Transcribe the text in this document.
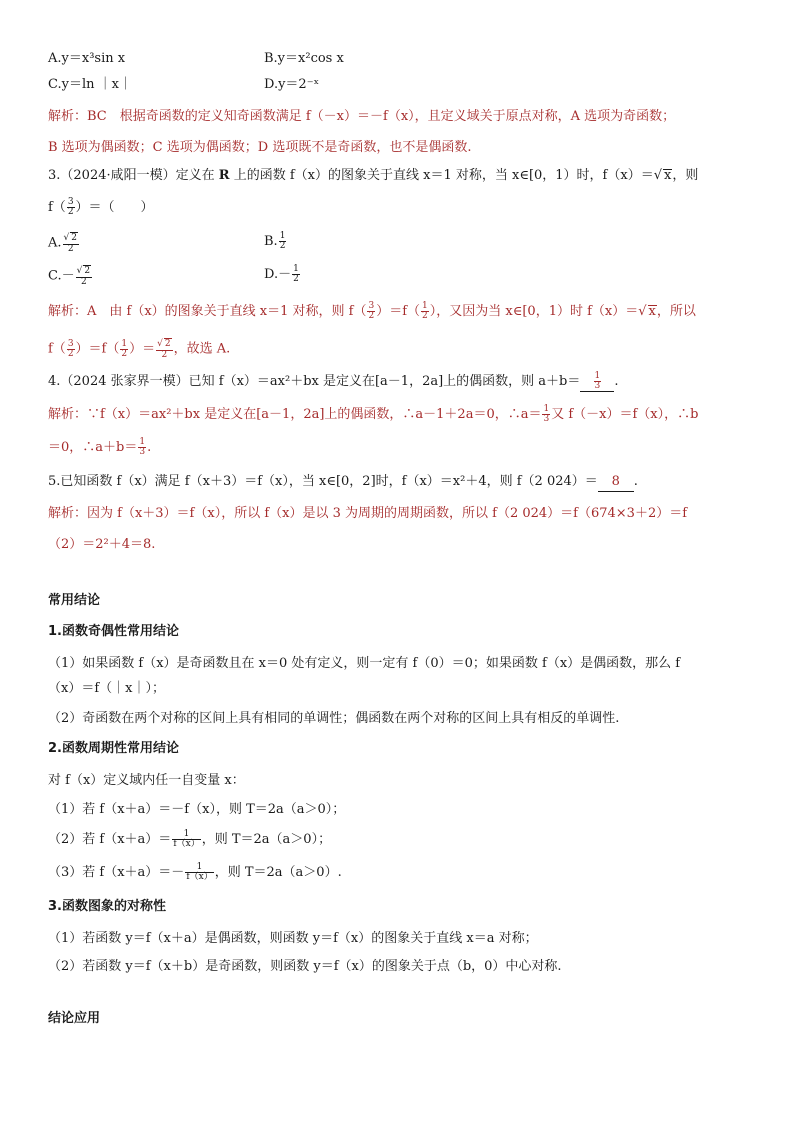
A.y＝x³sin x	B.y＝x²cos x
C.y＝ln ｜x｜	D.y＝2⁻ˣ
解析：BC　根据奇函数的定义知奇函数满足 f（－x）＝－f（x），且定义域关于原点对称，A 选项为奇函数；
B 选项为偶函数；C 选项为偶函数；D 选项既不是奇函数，也不是偶函数.
3.（2024·咸阳一模）定义在 R 上的函数 f（x）的图象关于直线 x＝1 对称，当 x∈[0，1）时，f（x）＝√ x，则
$f( \frac{3}{2}$ ）＝（　　）
A. $\frac{√ 2}{2}$	B. $\frac{1}{2}$
$C.- \frac{√ 2}{2}$	$D.- \frac{1}{2}$
解析：A　由 f（x）的图象关于直线 x＝1 对称，则 $f( \frac{3}{2} )=f( \frac{1}{2}$ ），又因为当 x∈[0，1）时 f（x）＝√ x，所以
$f( \frac{3}{2} )=f( \frac{1}{2}$ ）＝ $\frac{√ 2}{2}$ ，故选 A.
4.（2024 张家界一模）已知 f（x）＝ax²＋bx 是定义在[a－1，2a]上的偶函数，则 $a+b= \frac{1}{3}$ .
解析：∵f（x）＝ax²＋bx 是定义在[a－1，2a]上的偶函数，∴a－1＋2a＝0，∴a＝ $\frac{1}{3}$ 又 f（－x）＝f（x），∴b
＝0，∴a＋b＝ $\frac{1}{3}$ .
5.已知函数 f（x）满足 f（x＋3）＝f（x），当 x∈[0，2]时，f（x）＝x²＋4，则 f（2 024）＝ 8 .
解析：因为 f（x＋3）＝f（x），所以 f（x）是以 3 为周期的周期函数，所以 f（2 024）＝f（674×3＋2）＝f
（2）＝2²＋4＝8.
常用结论
1.函数奇偶性常用结论
（1）如果函数 f（x）是奇函数且在 x＝0 处有定义，则一定有 f（0）＝0；如果函数 f（x）是偶函数，那么 f
（x）＝f（｜x｜）；
（2）奇函数在两个对称的区间上具有相同的单调性；偶函数在两个对称的区间上具有相反的单调性.
2.函数周期性常用结论
对 f（x）定义域内任一自变量 x：
（1）若 f（x＋a）＝－f（x），则 T＝2a（a＞0）；
（2）若 $f(x+a)= \frac{1}{f(x)}$ ，则 T＝2a（a＞0）；
（3）若 $f(x+a)=- \frac{1}{f(x)}$ ，则 T＝2a（a＞0）.
3.函数图象的对称性
（1）若函数 y＝f（x＋a）是偶函数，则函数 y＝f（x）的图象关于直线 x＝a 对称；
（2）若函数 y＝f（x＋b）是奇函数，则函数 y＝f（x）的图象关于点（b，0）中心对称.
结论应用
